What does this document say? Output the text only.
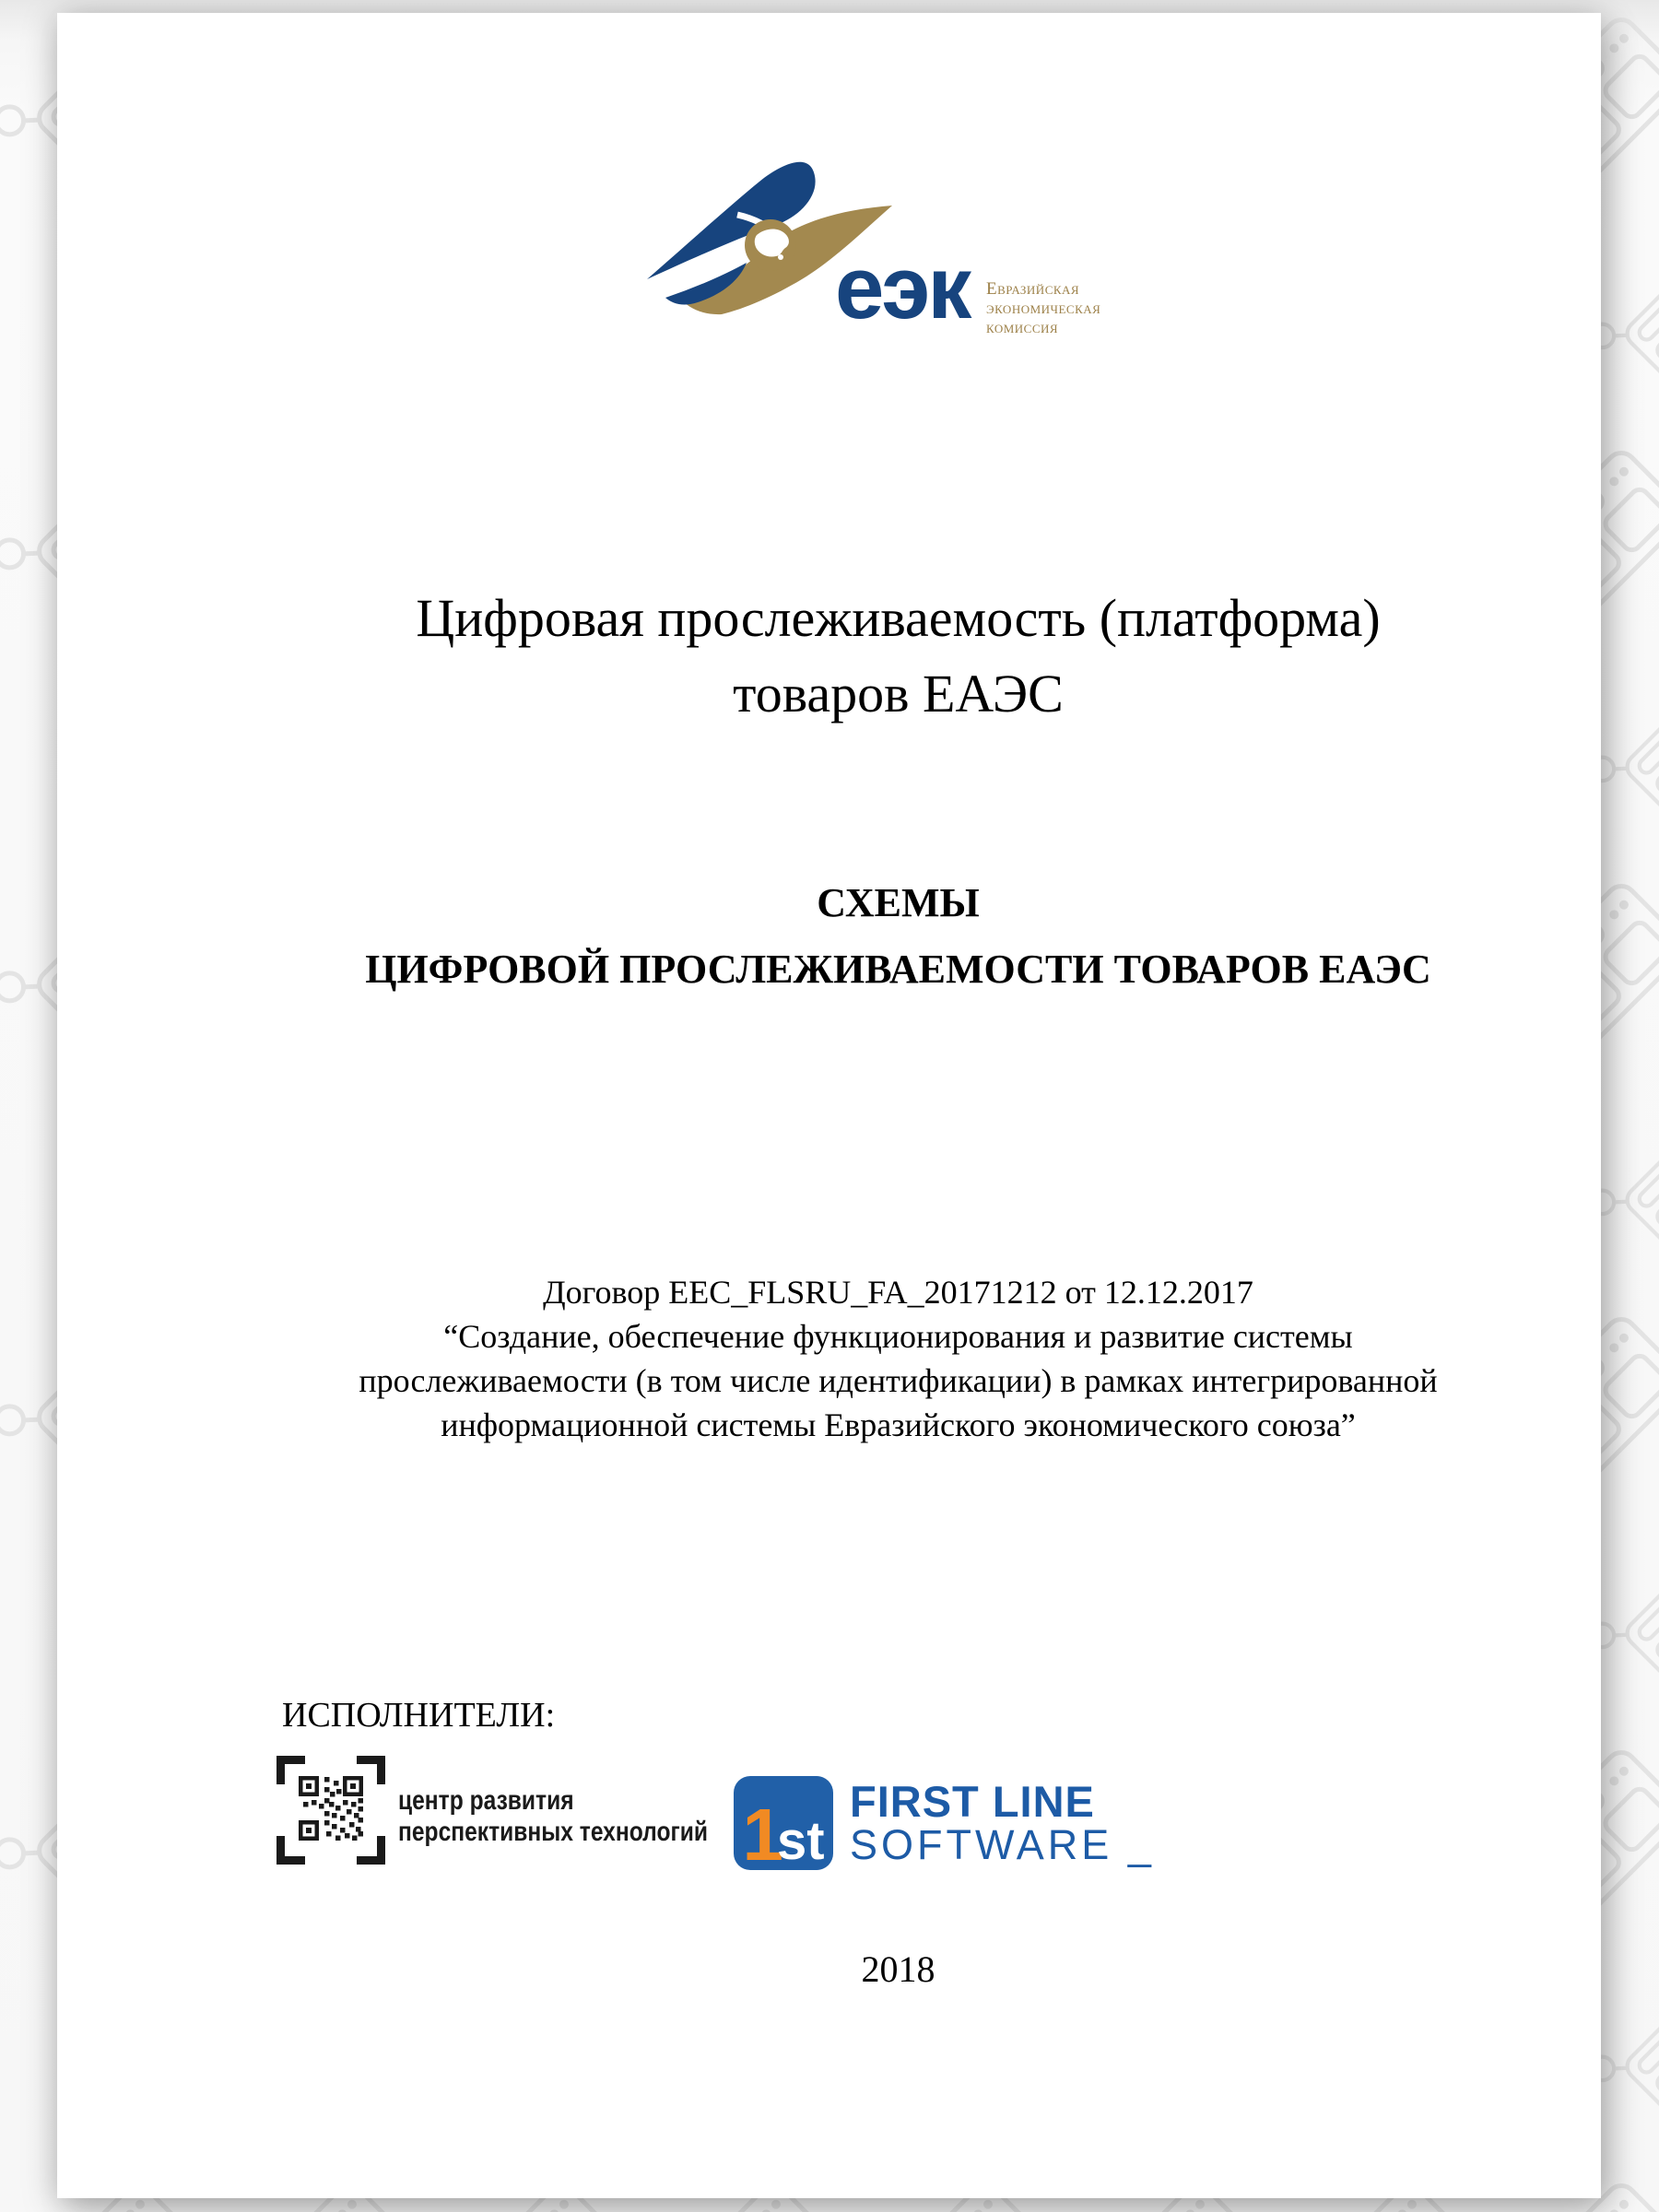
еэк Евразийская
экономическая
комиссия
Цифровая прослеживаемость (платформа)
товаров ЕАЭС
СХЕМЫ
ЦИФРОВОЙ ПРОСЛЕЖИВАЕМОСТИ ТОВАРОВ ЕАЭС
Договор EEC_FLSRU_FA_20171212 от 12.12.2017
“Создание, обеспечение функционирования и развитие системы
прослеживаемости (в том числе идентификации) в рамках интегрированной
информационной системы Евразийского экономического союза”
ИСПОЛНИТЕЛИ:
центр развития
перспективных технологий 1
st
FIRST LINE
SOFTWARE _
2018
